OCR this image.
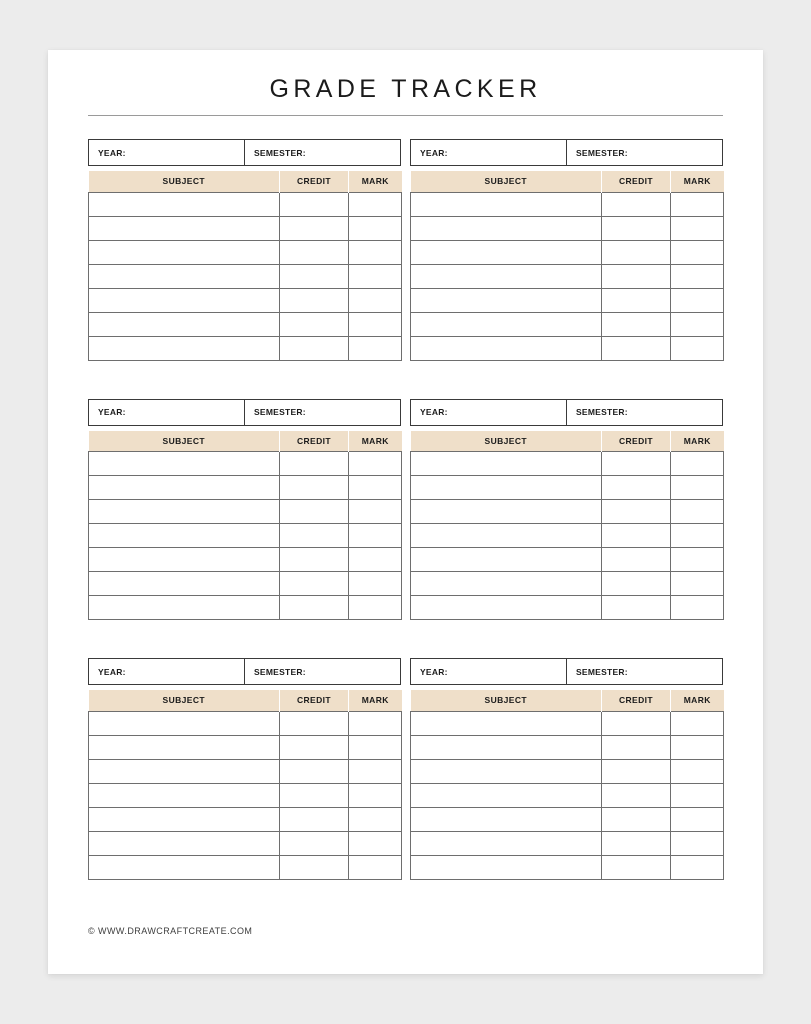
GRADE TRACKER
YEAR:	SEMESTER:
SUBJECT	CREDIT	MARK

YEAR:	SEMESTER:
SUBJECT	CREDIT	MARK

YEAR:	SEMESTER:
SUBJECT	CREDIT	MARK

YEAR:	SEMESTER:
SUBJECT	CREDIT	MARK

YEAR:	SEMESTER:
SUBJECT	CREDIT	MARK

YEAR:	SEMESTER:
SUBJECT	CREDIT	MARK

© WWW.DRAWCRAFTCREATE.COM
